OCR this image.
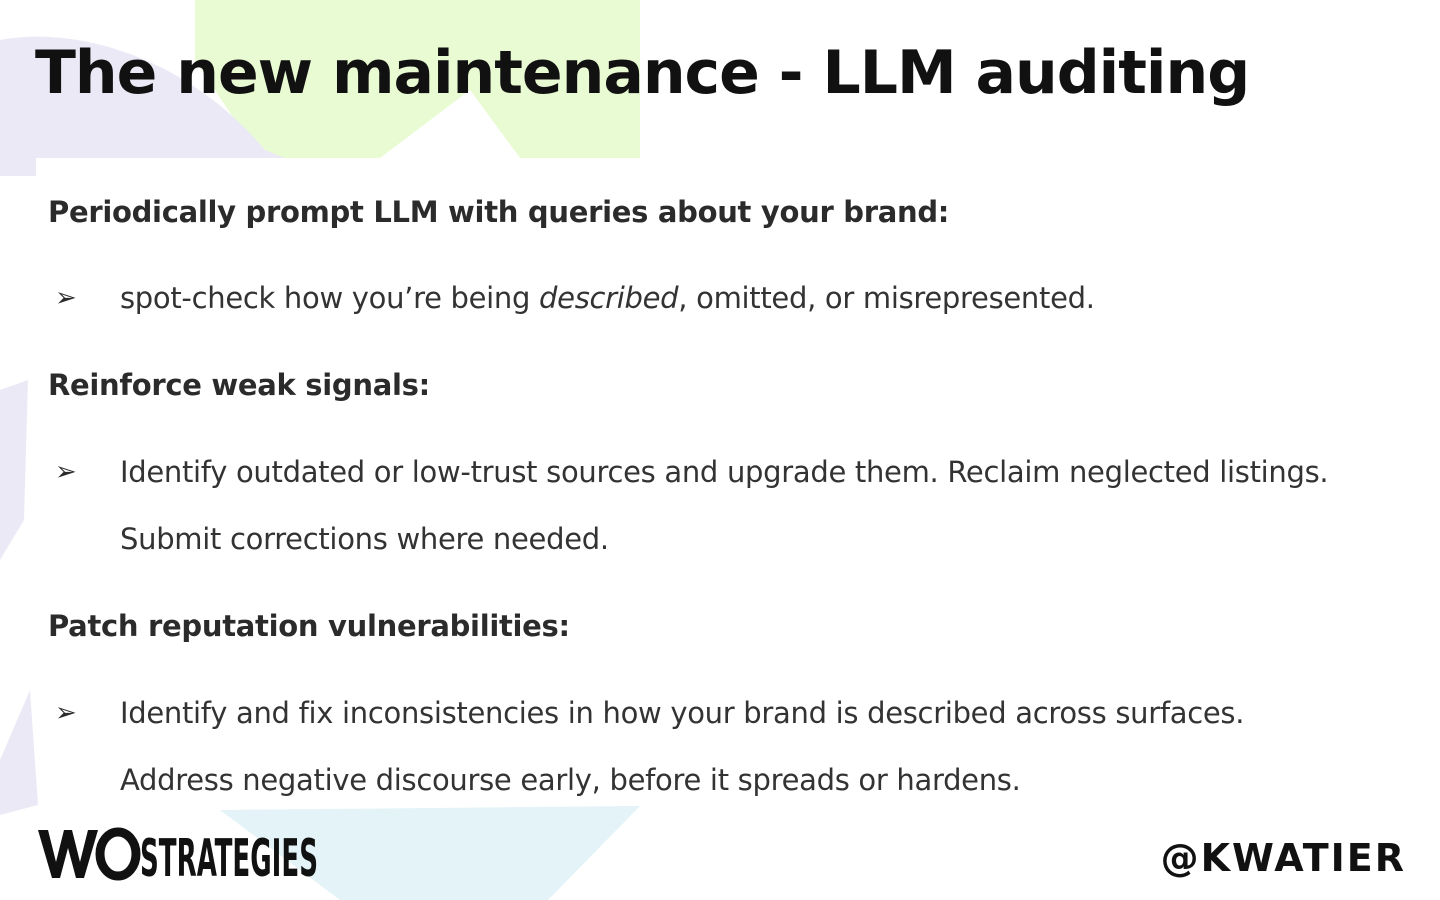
The new maintenance - LLM auditing
Periodically prompt LLM with queries about your brand:
➢ spot-check how you’re being described, omitted, or misrepresented.
Reinforce weak signals:
➢ Identify outdated or low-trust sources and upgrade them. Reclaim neglected listings.
Submit corrections where needed.
Patch reputation vulnerabilities:
➢ Identify and fix inconsistencies in how your brand is described across surfaces.
Address negative discourse early, before it spreads or hardens.
STRATEGIES	@KWATIER
